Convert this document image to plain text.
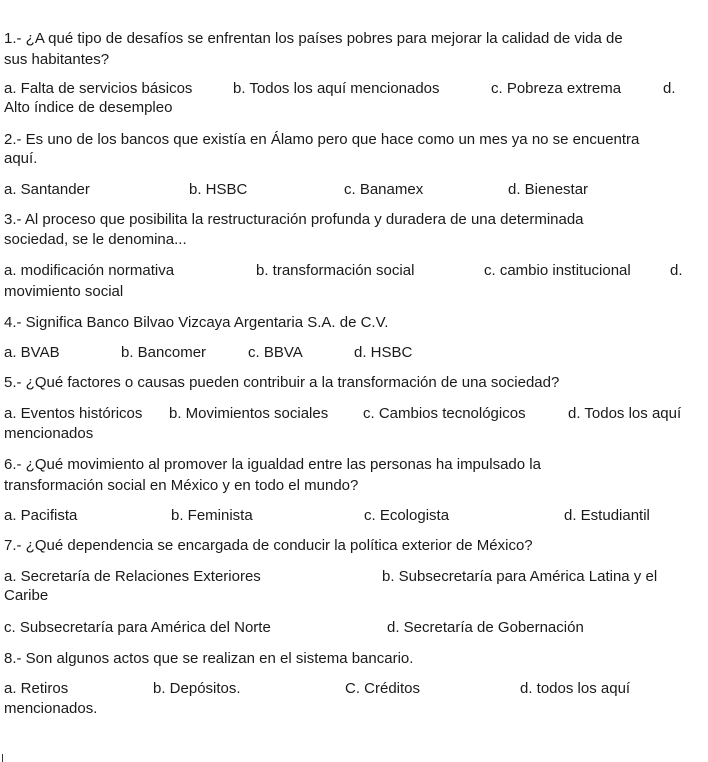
1.- ¿A qué tipo de desafíos se enfrentan los países pobres para mejorar la calidad de vida de
sus habitantes?
a. Falta de servicios básicos	b. Todos los aquí mencionados	c. Pobreza extrema	d.
Alto índice de desempleo
2.- Es uno de los bancos que existía en Álamo pero que hace como un mes ya no se encuentra
aquí.
a. Santander	b. HSBC	c. Banamex	d. Bienestar
3.- Al proceso que posibilita la restructuración profunda y duradera de una determinada
sociedad, se le denomina...
a. modificación normativa	b. transformación social	c. cambio institucional	d.
movimiento social
4.- Significa Banco Bilvao Vizcaya Argentaria S.A. de C.V.
a. BVAB	b. Bancomer	c. BBVA	d. HSBC
5.- ¿Qué factores o causas pueden contribuir a la transformación de una sociedad?
a. Eventos históricos b. Movimientos sociales c. Cambios tecnológicos	d. Todos los aquí
mencionados
6.- ¿Qué movimiento al promover la igualdad entre las personas ha impulsado la
transformación social en México y en todo el mundo?
a. Pacifista	b. Feminista	c. Ecologista	d. Estudiantil
7.- ¿Qué dependencia se encargada de conducir la política exterior de México?
a. Secretaría de Relaciones Exteriores	b. Subsecretaría para América Latina y el
Caribe
c. Subsecretaría para América del Norte	d. Secretaría de Gobernación
8.- Son algunos actos que se realizan en el sistema bancario.
a. Retiros	b. Depósitos.	C. Créditos	d. todos los aquí
mencionados.
